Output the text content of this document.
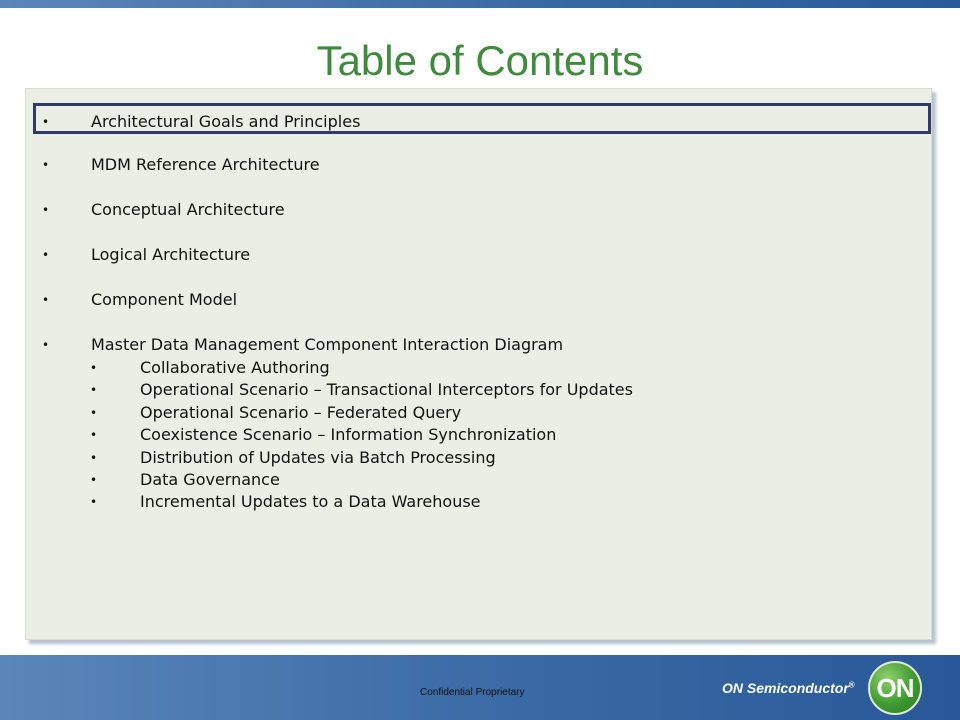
Table of Contents
•	Architectural Goals and Principles
•	MDM Reference Architecture
•	Conceptual Architecture
•	Logical Architecture
•	Component Model
•	Master Data Management Component Interaction Diagram
•	Collaborative Authoring
•	Operational Scenario – Transactional Interceptors for Updates
•	Operational Scenario – Federated Query
•	Coexistence Scenario – Information Synchronization
•	Distribution of Updates via Batch Processing
•	Data Governance
•	Incremental Updates to a Data Warehouse
Confidential Proprietary	ON Semiconductor® ON
